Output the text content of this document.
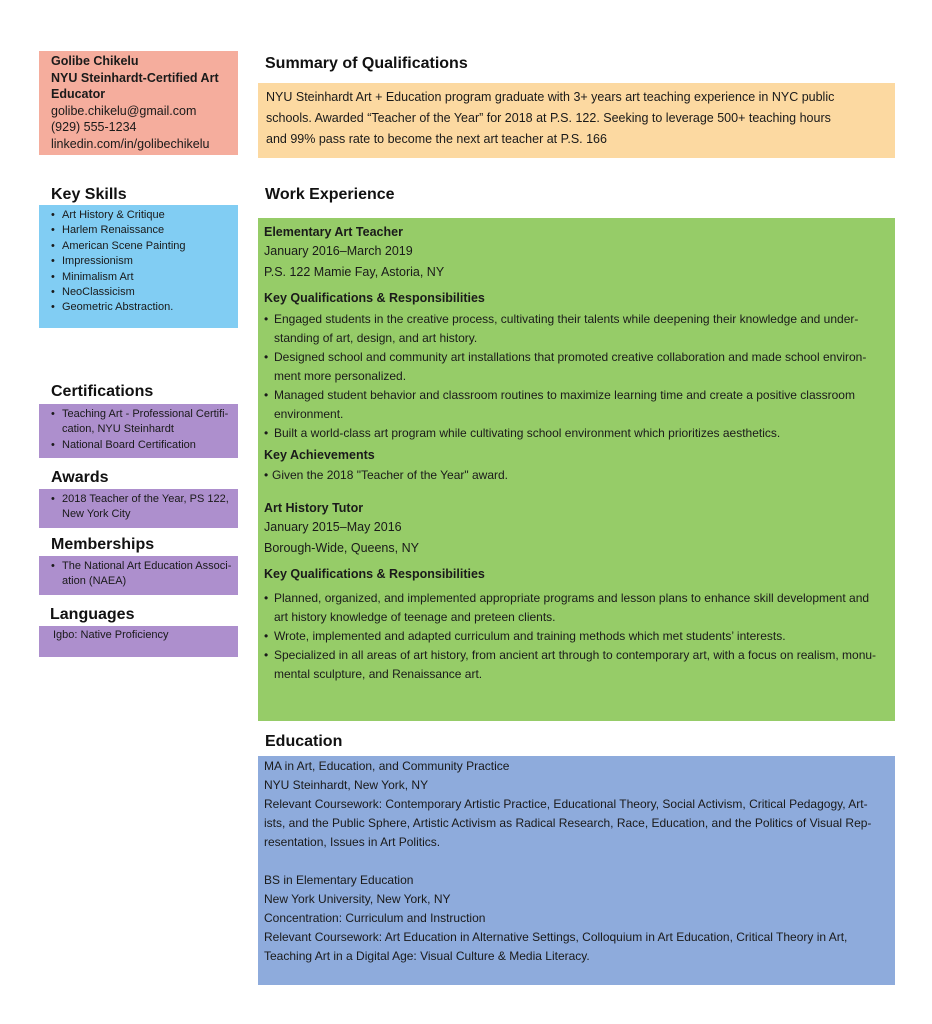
Golibe Chikelu
NYU Steinhardt-Certified Art
Educator
golibe.chikelu@gmail.com
(929) 555-1234
linkedin.com/in/golibechikelu
Key Skills
Certifications
Awards
Memberships
Languages
• Art History & Critique
• Harlem Renaissance
• American Scene Painting
• Impressionism
• Minimalism Art
• NeoClassicism
• Geometric Abstraction.
• Teaching Art - Professional Certifi-
cation, NYU Steinhardt
• National Board Certification
• 2018 Teacher of the Year, PS 122,
New York City
• The National Art Education Associ-
ation (NAEA)
Igbo: Native Proficiency
Summary of Qualifications
Work Experience
Education
NYU Steinhardt Art + Education program graduate with 3+ years art teaching experience in NYC public
schools. Awarded “Teacher of the Year” for 2018 at P.S. 122. Seeking to leverage 500+ teaching hours
and 99% pass rate to become the next art teacher at P.S. 166
Elementary Art Teacher
January 2016–March 2019
P.S. 122 Mamie Fay, Astoria, NY
Key Qualifications & Responsibilities
• Engaged students in the creative process, cultivating their talents while deepening their knowledge and under-
standing of art, design, and art history.
• Designed school and community art installations that promoted creative collaboration and made school environ-
ment more personalized.
• Managed student behavior and classroom routines to maximize learning time and create a positive classroom
environment.
• Built a world-class art program while cultivating school environment which prioritizes aesthetics.
Key Achievements
• Given the 2018 "Teacher of the Year" award.
Art History Tutor
January 2015–May 2016
Borough-Wide, Queens, NY
Key Qualifications & Responsibilities
• Planned, organized, and implemented appropriate programs and lesson plans to enhance skill development and
art history knowledge of teenage and preteen clients.
• Wrote, implemented and adapted curriculum and training methods which met students’ interests.
• Specialized in all areas of art history, from ancient art through to contemporary art, with a focus on realism, monu-
mental sculpture, and Renaissance art.
MA in Art, Education, and Community Practice
NYU Steinhardt, New York, NY
Relevant Coursework: Contemporary Artistic Practice, Educational Theory, Social Activism, Critical Pedagogy, Art-
ists, and the Public Sphere, Artistic Activism as Radical Research, Race, Education, and the Politics of Visual Rep-
resentation, Issues in Art Politics.
BS in Elementary Education
New York University, New York, NY
Concentration: Curriculum and Instruction
Relevant Coursework: Art Education in Alternative Settings, Colloquium in Art Education, Critical Theory in Art,
Teaching Art in a Digital Age: Visual Culture & Media Literacy.
